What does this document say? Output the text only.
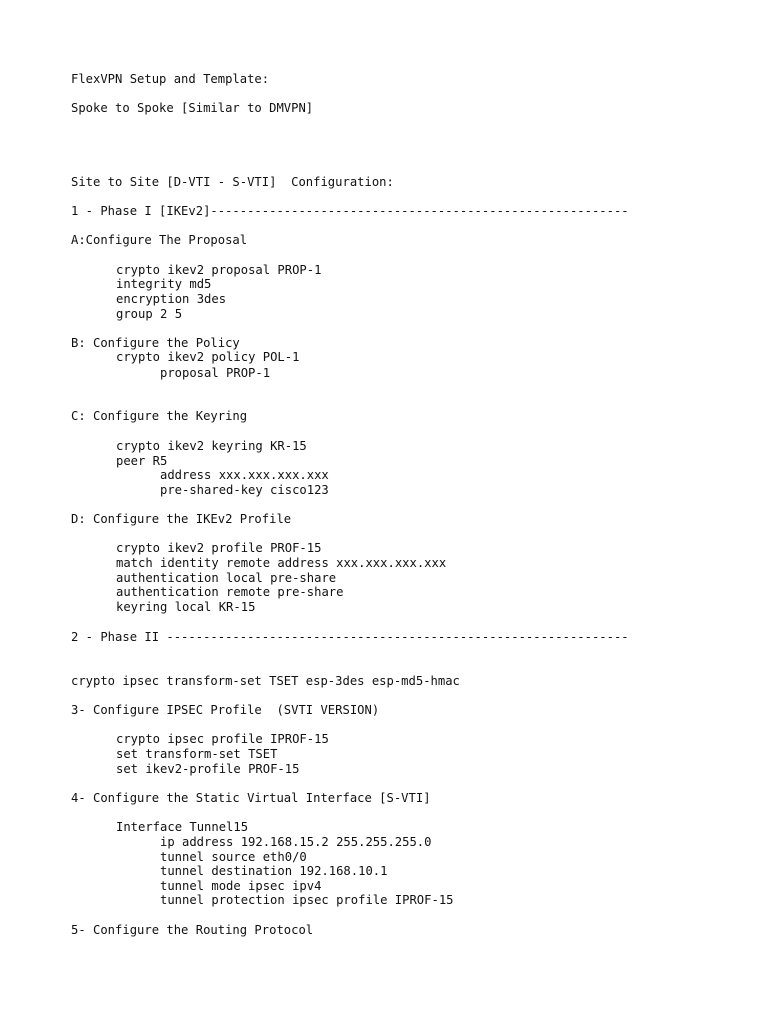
FlexVPN Setup and Template:
Spoke to Spoke [Similar to DMVPN]
Site to Site [D-VTI - S-VTI]  Configuration:
1 - Phase I [IKEv2]---------------------------------------------------------
A:Configure The Proposal
crypto ikev2 proposal PROP-1
integrity md5
encryption 3des
group 2 5
B: Configure the Policy
crypto ikev2 policy POL-1
proposal PROP-1
C: Configure the Keyring
crypto ikev2 keyring KR-15
peer R5
address xxx.xxx.xxx.xxx
pre-shared-key cisco123
D: Configure the IKEv2 Profile
crypto ikev2 profile PROF-15
match identity remote address xxx.xxx.xxx.xxx
authentication local pre-share
authentication remote pre-share
keyring local KR-15
2 - Phase II ---------------------------------------------------------------
crypto ipsec transform-set TSET esp-3des esp-md5-hmac
3- Configure IPSEC Profile  (SVTI VERSION)
crypto ipsec profile IPROF-15
set transform-set TSET
set ikev2-profile PROF-15
4- Configure the Static Virtual Interface [S-VTI]
Interface Tunnel15
ip address 192.168.15.2 255.255.255.0
tunnel source eth0/0
tunnel destination 192.168.10.1
tunnel mode ipsec ipv4
tunnel protection ipsec profile IPROF-15
5- Configure the Routing Protocol
